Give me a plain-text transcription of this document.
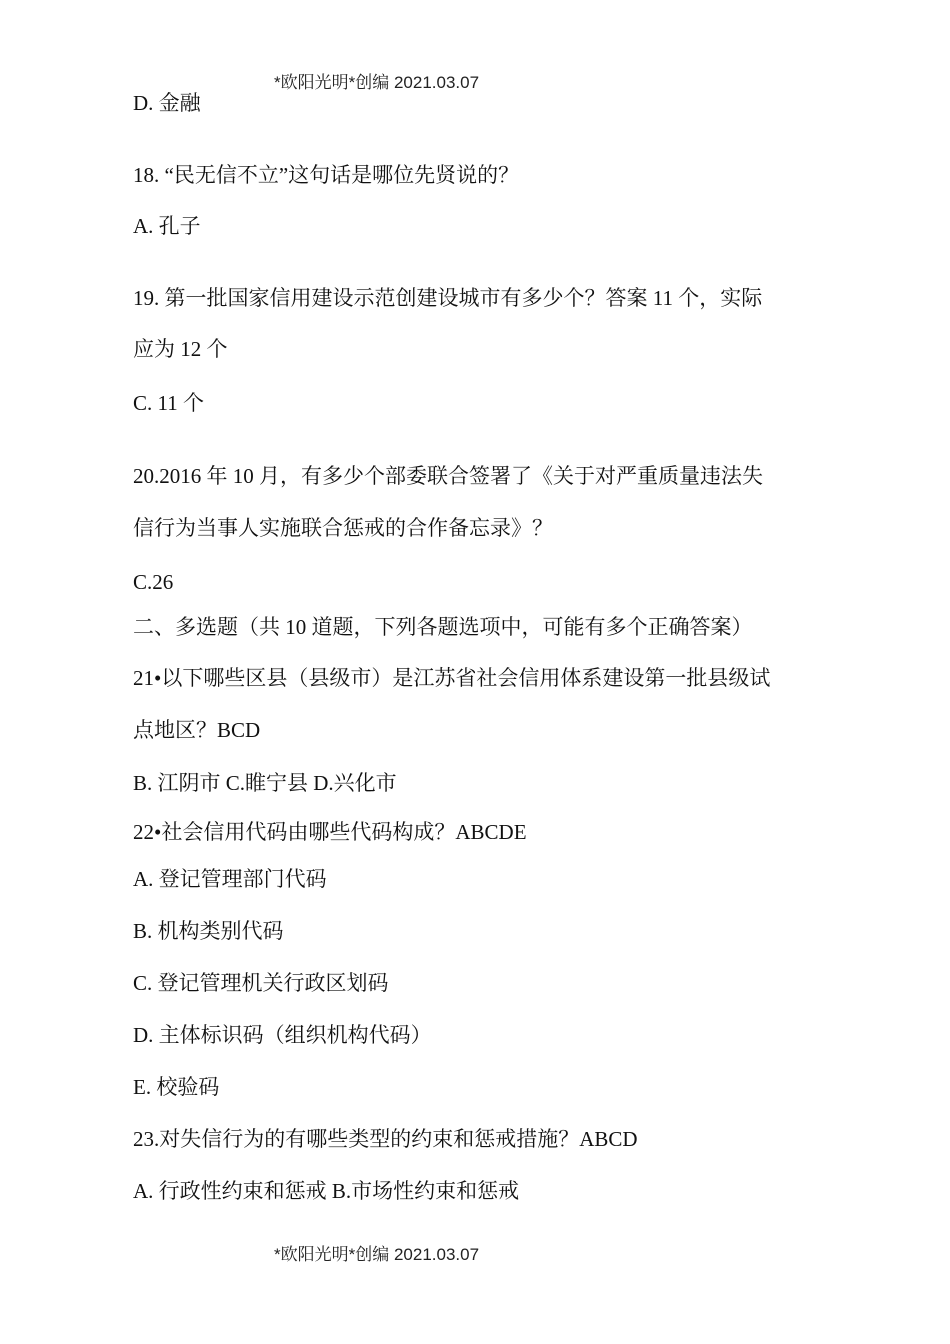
*欧阳光明*创编 2021.03.07
D. 金融
18. “民无信不立”这句话是哪位先贤说的？
A. 孔子
19. 第一批国家信用建设示范创建设城市有多少个？答案 11 个，实际
应为 12 个
C. 11 个
20.2016 年 10 月，有多少个部委联合签署了《关于对严重质量违法失
信行为当事人实施联合惩戒的合作备忘录》？
C.26
二、多选题（共 10 道题，下列各题选项中，可能有多个正确答案）
21•以下哪些区县（县级市）是江苏省社会信用体系建设第一批县级试
点地区？BCD
B. 江阴市 C.睢宁县 D.兴化市
22•社会信用代码由哪些代码构成？ABCDE
A. 登记管理部门代码
B. 机构类别代码
C. 登记管理机关行政区划码
D. 主体标识码（组织机构代码）
E. 校验码
23.对失信行为的有哪些类型的约束和惩戒措施？ABCD
A. 行政性约束和惩戒 B.市场性约束和惩戒
*欧阳光明*创编 2021.03.07
